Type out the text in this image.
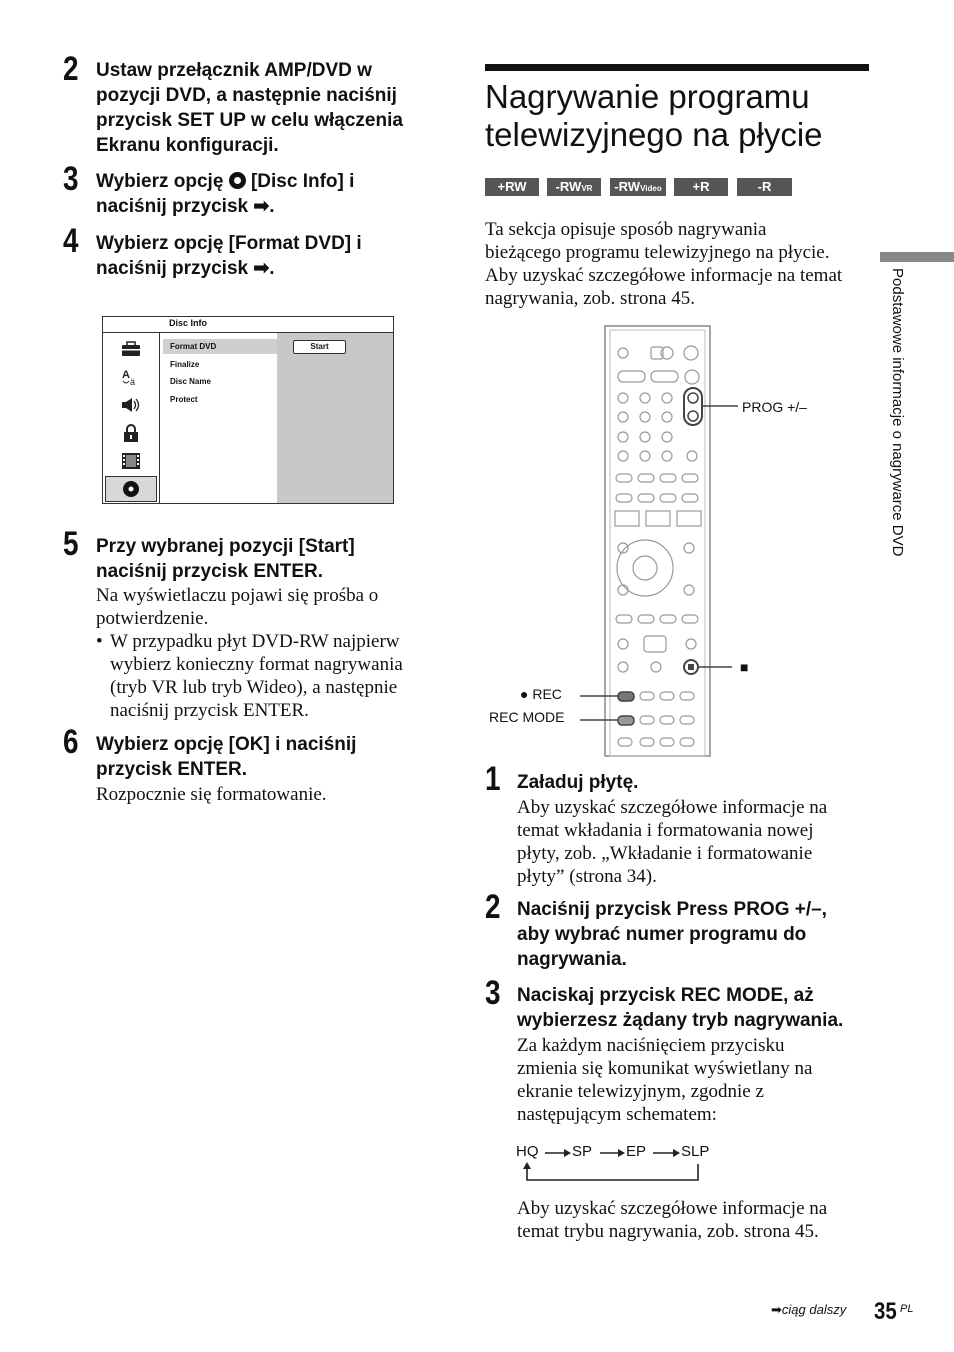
2 Ustaw przełącznik AMP/DVD w
pozycji DVD, a następnie naciśnij
przycisk SET UP w celu włączenia
Ekranu konfiguracji.
3 Wybierz opcję [Disc Info] i
naciśnij przycisk ➡.
4 Wybierz opcję [Format DVD] i
naciśnij przycisk ➡.
Disc Info
A
ä
Format DVD
Finalize
Disc Name
Protect
Start
5 Przy wybranej pozycji [Start]
naciśnij przycisk ENTER.
Na wyświetlaczu pojawi się prośba o
potwierdzenie.
• W przypadku płyt DVD-RW najpierw
wybierz konieczny format nagrywania
(tryb VR lub tryb Wideo), a następnie
naciśnij przycisk ENTER.
6 Wybierz opcję [OK] i naciśnij
przycisk ENTER.
Rozpocznie się formatowanie.
Nagrywanie programu
telewizyjnego na płycie
+RW	-RWVR	-RWVideo	+R	-R
Ta sekcja opisuje sposób nagrywania
bieżącego programu telewizyjnego na płycie.
Aby uzyskać szczegółowe informacje na temat
nagrywania, zob. strona 45.
PROG +/–
■
● REC
REC MODE
1 Załaduj płytę.
Aby uzyskać szczegółowe informacje na
temat wkładania i formatowania nowej
płyty, zob. „Wkładanie i formatowanie
płyty” (strona 34).
2 Naciśnij przycisk Press PROG +/–,
aby wybrać numer programu do
nagrywania.
3 Naciskaj przycisk REC MODE, aż
wybierzesz żądany tryb nagrywania.
Za każdym naciśnięciem przycisku
zmienia się komunikat wyświetlany na
ekranie telewizyjnym, zgodnie z
następującym schematem:
HQ SP EP SLP
Aby uzyskać szczegółowe informacje na
temat trybu nagrywania, zob. strona 45.
Podstawowe informacje o nagrywarce DVD
➡ciąg dalszy 35 PL
